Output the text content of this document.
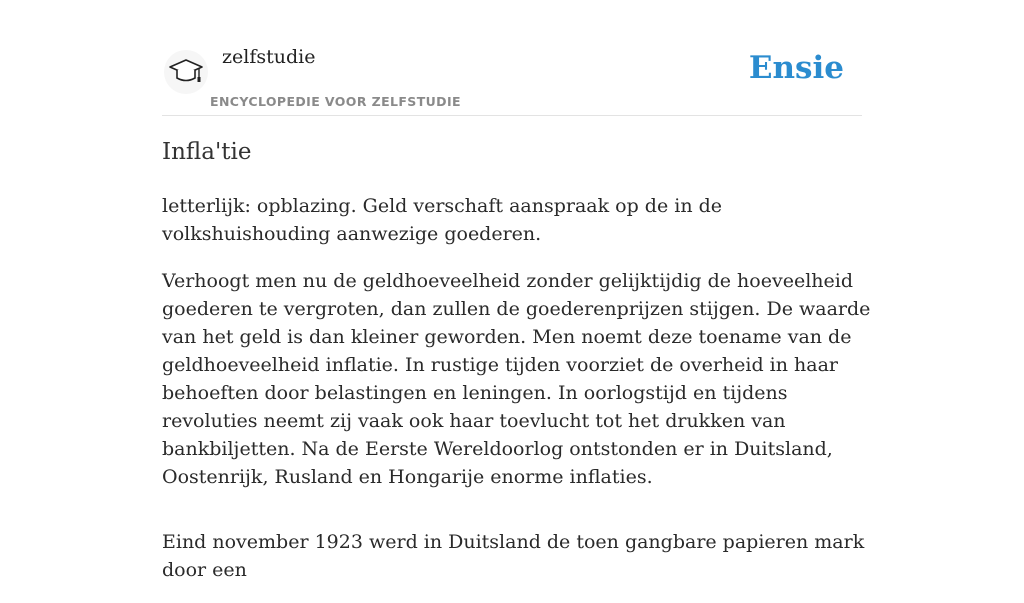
zelfstudie
ENCYCLOPEDIE VOOR ZELFSTUDIE
Ensie
Infla'tie

letterlijk: opblazing. Geld verschaft aanspraak op de in de volkshuishouding aanwezige goederen.

Verhoogt men nu de geldhoeveelheid zonder gelijktijdig de hoeveelheid goederen te vergroten, dan zullen de goederenprijzen stijgen. De waarde van het geld is dan kleiner geworden. Men noemt deze toename van de geldhoeveelheid inflatie. In rustige tijden voorziet de overheid in haar behoeften door belastingen en leningen. In oorlogstijd en tijdens revoluties neemt zij vaak ook haar toevlucht tot het drukken van bankbiljetten. Na de Eerste Wereldoorlog ontstonden er in Duitsland, Oostenrijk, Rusland en Hongarije enorme inflaties.

Eind november 1923 werd in Duitsland de toen gangbare papieren mark door een
